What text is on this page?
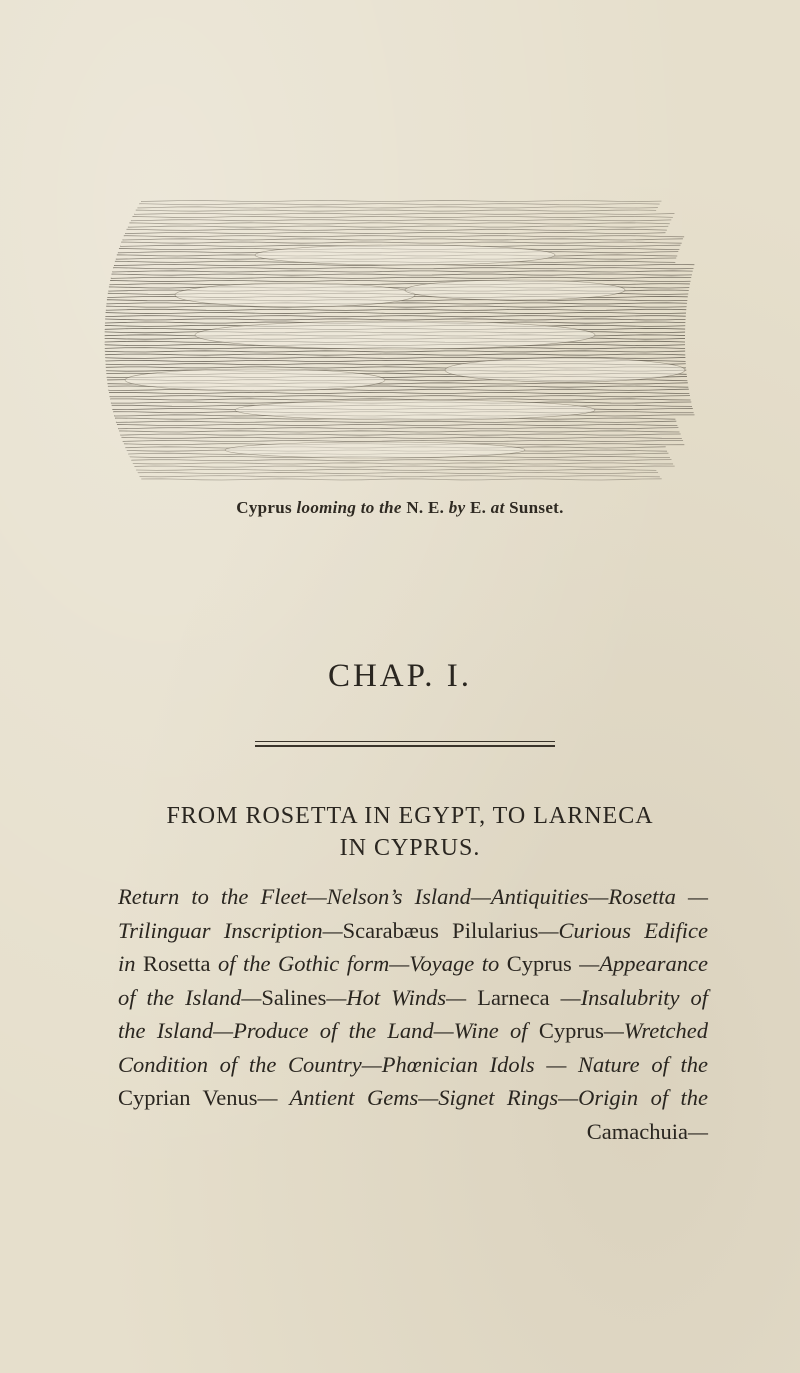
Cyprus looming to the N. E. by E. at Sunset.
CHAP. I.
FROM ROSETTA IN EGYPT, TO LARNECA
IN CYPRUS.
Return to the Fleet—Nelson’s Island—Antiquities—Rosetta —Trilinguar Inscription—Scarabæus Pilularius—Curious Edifice in Rosetta of the Gothic form—Voyage to Cyprus —Appearance of the Island—Salines—Hot Winds— Larneca —Insalubrity of the Island—Produce of the Land—Wine of Cyprus—Wretched Condition of the Country—Phœnician Idols — Nature of the Cyprian Venus— Antient Gems—Signet Rings—Origin of the Camachuia—
